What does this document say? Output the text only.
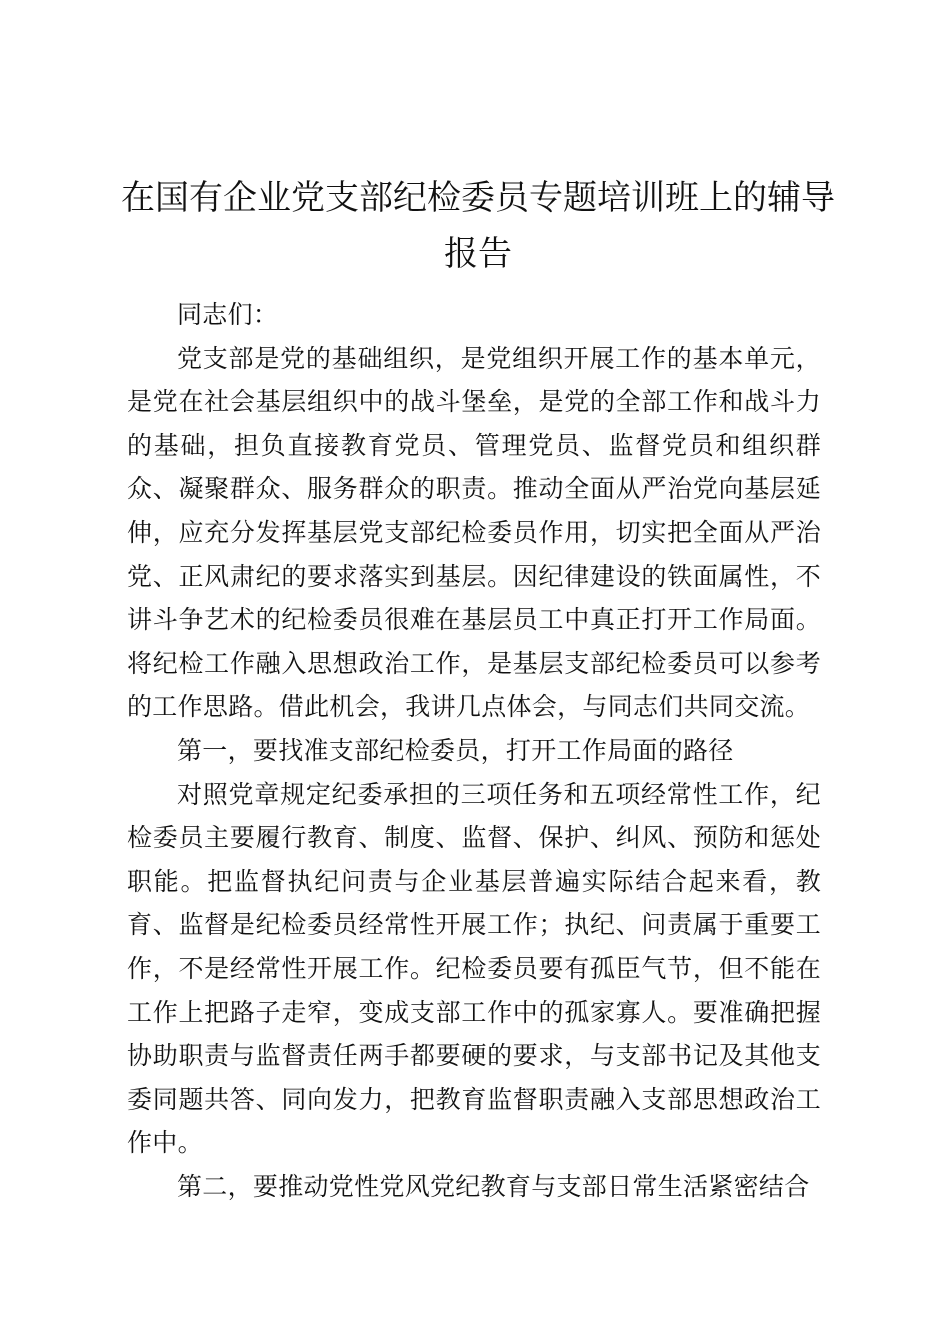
在国有企业党支部纪检委员专题培训班上的辅导报告

同志们：

党支部是党的基础组织，是党组织开展工作的基本单元，是党在社会基层组织中的战斗堡垒，是党的全部工作和战斗力的基础，担负直接教育党员、管理党员、监督党员和组织群众、凝聚群众、服务群众的职责。推动全面从严治党向基层延伸，应充分发挥基层党支部纪检委员作用，切实把全面从严治党、正风肃纪的要求落实到基层。因纪律建设的铁面属性，不讲斗争艺术的纪检委员很难在基层员工中真正打开工作局面。将纪检工作融入思想政治工作，是基层支部纪检委员可以参考的工作思路。借此机会，我讲几点体会，与同志们共同交流。

第一，要找准支部纪检委员，打开工作局面的路径

对照党章规定纪委承担的三项任务和五项经常性工作，纪检委员主要履行教育、制度、监督、保护、纠风、预防和惩处职能。把监督执纪问责与企业基层普遍实际结合起来看，教育、监督是纪检委员经常性开展工作；执纪、问责属于重要工作，不是经常性开展工作。纪检委员要有孤臣气节，但不能在工作上把路子走窄，变成支部工作中的孤家寡人。要准确把握协助职责与监督责任两手都要硬的要求，与支部书记及其他支委同题共答、同向发力，把教育监督职责融入支部思想政治工作中。

第二，要推动党性党风党纪教育与支部日常生活紧密结合
